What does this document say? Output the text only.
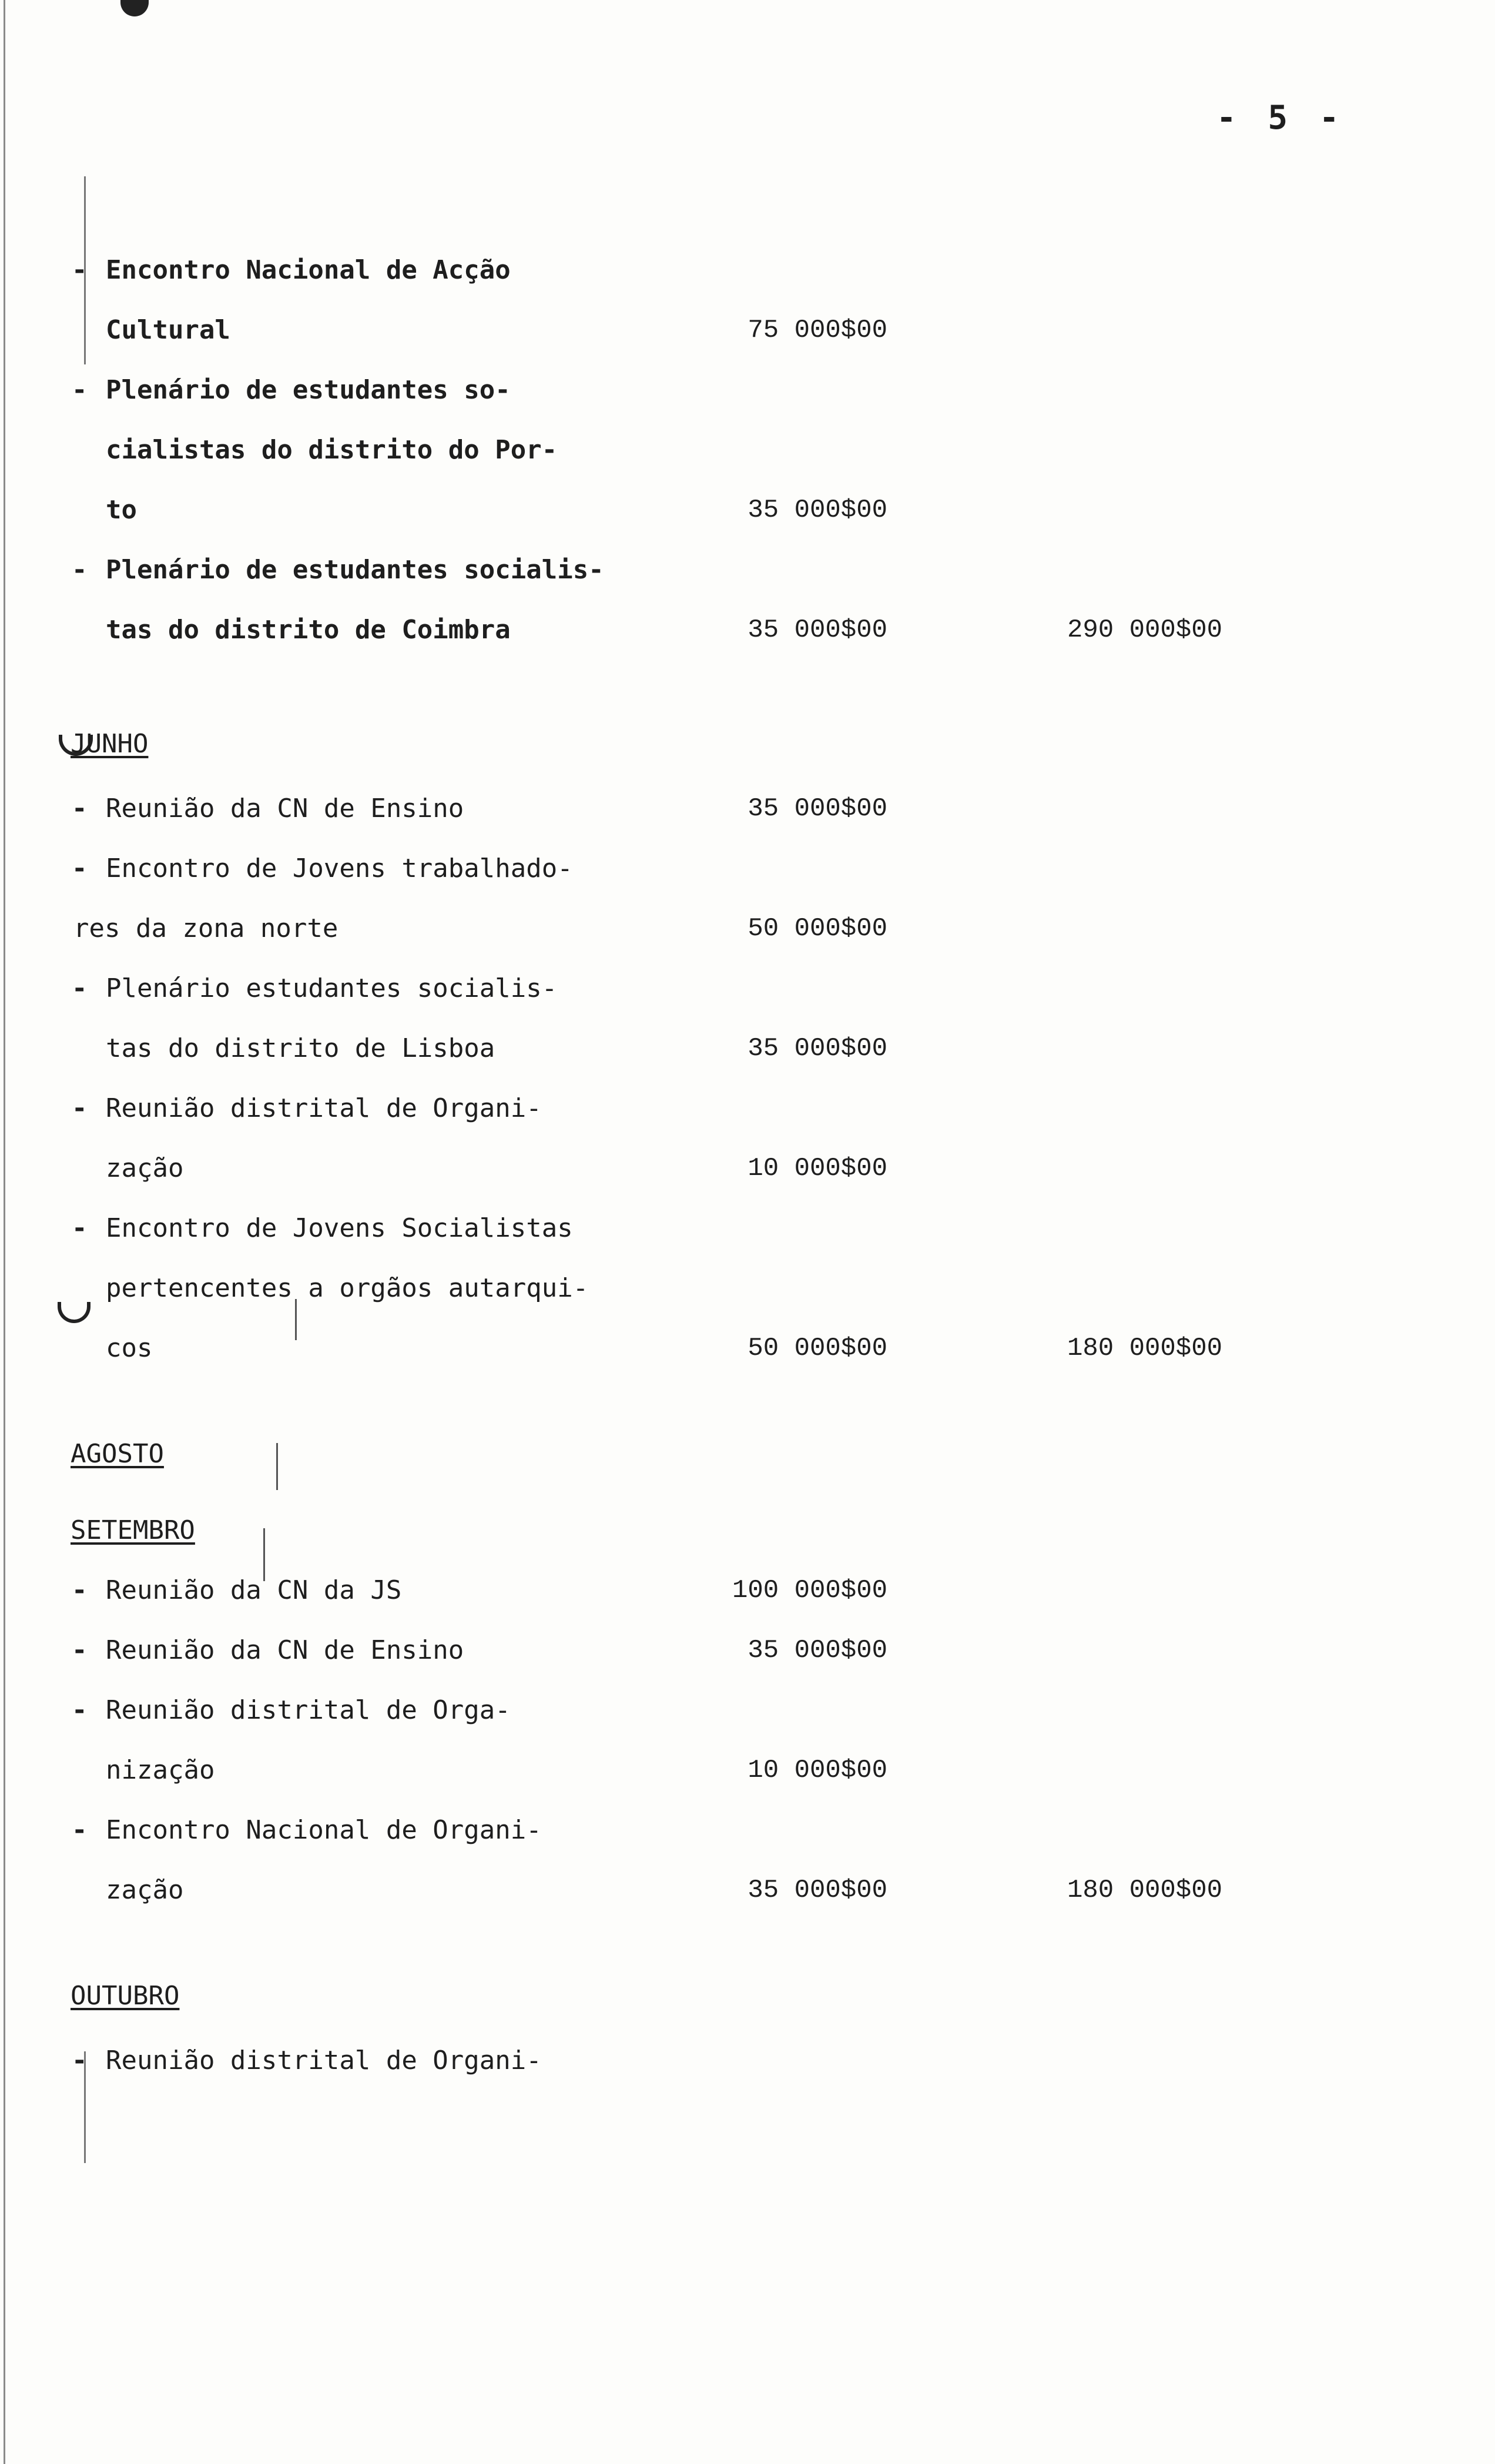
- 5 -
- Encontro Nacional de Acção
Cultural	75 000$00
- Plenário de estudantes so-
cialistas do distrito do Por-
to	35 000$00
- Plenário de estudantes socialis-
tas do distrito de Coimbra	35 000$00	290 000$00
JUNHO
- Reunião da CN de Ensino	35 000$00
- Encontro de Jovens trabalhado-
res da zona norte	50 000$00
- Plenário estudantes socialis-
tas do distrito de Lisboa	35 000$00
- Reunião distrital de Organi-
zação	10 000$00
- Encontro de Jovens Socialistas
pertencentes a orgãos autarqui-
cos	50 000$00	180 000$00
AGOSTO
SETEMBRO
- Reunião da CN da JS	100 000$00
- Reunião da CN de Ensino	35 000$00
- Reunião distrital de Orga-
nização	10 000$00
- Encontro Nacional de Organi-
zação	35 000$00	180 000$00
OUTUBRO
- Reunião distrital de Organi-
